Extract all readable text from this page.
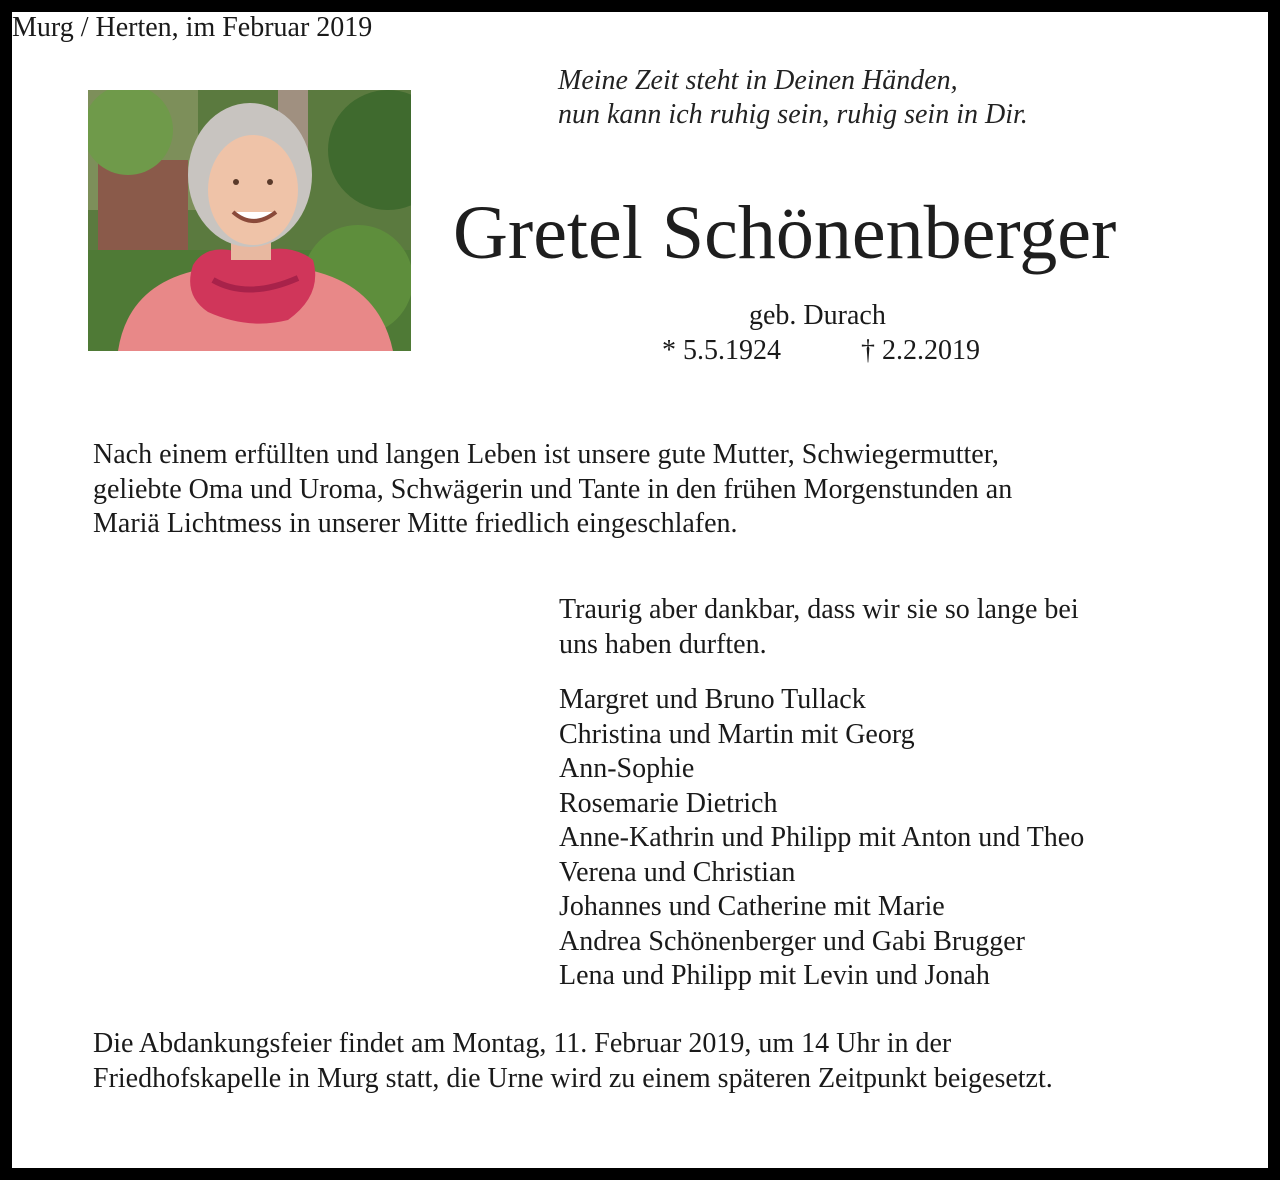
Meine Zeit steht in Deinen Händen,
nun kann ich ruhig sein, ruhig sein in Dir.
Gretel Schönenberger
geb. Durach
* 5.5.1924	† 2.2.2019
Nach einem erfüllten und langen Leben ist unsere gute Mutter, Schwiegermutter,
geliebte Oma und Uroma, Schwägerin und Tante in den frühen Morgenstunden an
Mariä Lichtmess in unserer Mitte friedlich eingeschlafen.
Traurig aber dankbar, dass wir sie so lange bei
uns haben durften.
Margret und Bruno Tullack
Christina und Martin mit Georg
Ann-Sophie
Rosemarie Dietrich
Anne-Kathrin und Philipp mit Anton und Theo
Verena und Christian
Johannes und Catherine mit Marie
Andrea Schönenberger und Gabi Brugger
Lena und Philipp mit Levin und Jonah
Die Abdankungsfeier findet am Montag, 11. Februar 2019, um 14 Uhr in der
Friedhofskapelle in Murg statt, die Urne wird zu einem späteren Zeitpunkt beigesetzt.
Murg / Herten, im Februar 2019
